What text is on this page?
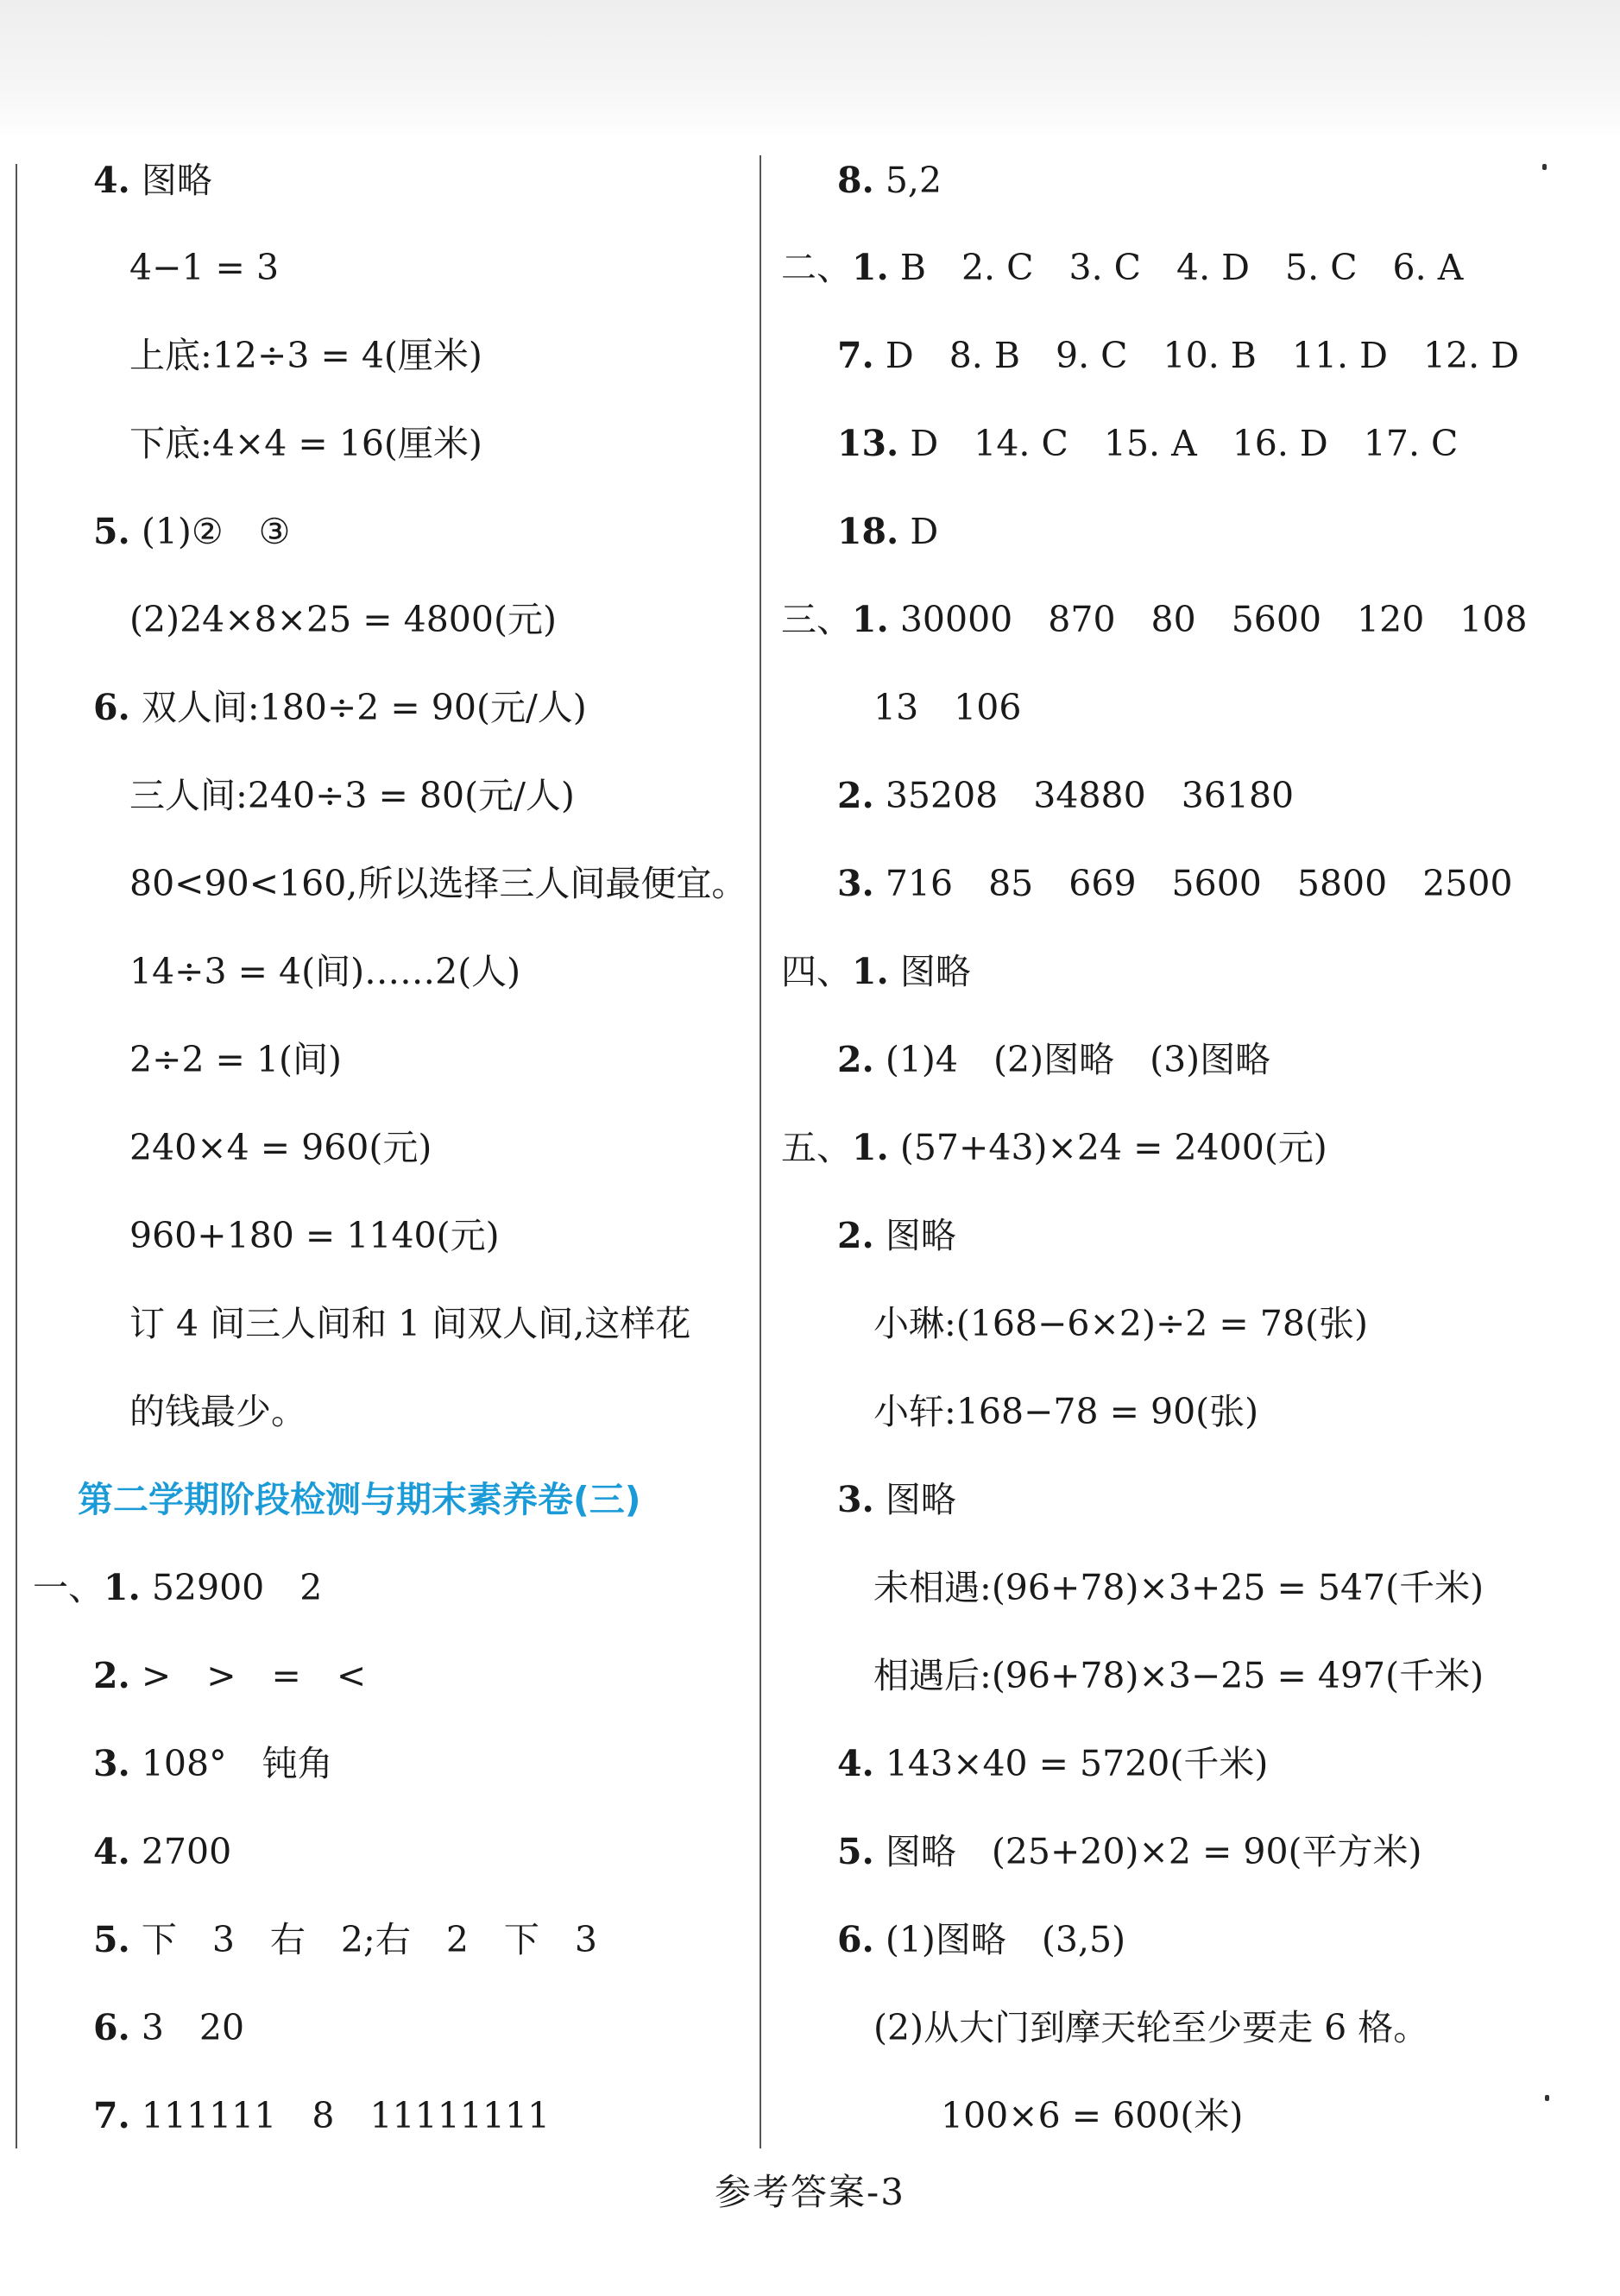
4. 图略
4−1 = 3
上底:12÷3 = 4(厘米)
下底:4×4 = 16(厘米)
5. (1)②　③
(2)24×8×25 = 4800(元)
6. 双人间:180÷2 = 90(元/人)
三人间:240÷3 = 80(元/人)
80<90<160,所以选择三人间最便宜。
14÷3 = 4(间)……2(人)
2÷2 = 1(间)
240×4 = 960(元)
960+180 = 1140(元)
订 4 间三人间和 1 间双人间,这样花
的钱最少。
第二学期阶段检测与期末素养卷(三)
一、1. 52900　2
2. >　>　=　<
3. 108°　钝角
4. 2700
5. 下　3　右　2;右　2　下　3
6. 3　20
7. 111111　8　11111111
8. 5,2
二、1. B　2. C　3. C　4. D　5. C　6. A
7. D　8. B　9. C　10. B　11. D　12. D
13. D　14. C　15. A　16. D　17. C
18. D
三、1. 30000　870　80　5600　120　108
13　106
2. 35208　34880　36180
3. 716　85　669　5600　5800　2500
四、1. 图略
2. (1)4　(2)图略　(3)图略
五、1. (57+43)×24 = 2400(元)
2. 图略
小琳:(168−6×2)÷2 = 78(张)
小轩:168−78 = 90(张)
3. 图略
未相遇:(96+78)×3+25 = 547(千米)
相遇后:(96+78)×3−25 = 497(千米)
4. 143×40 = 5720(千米)
5. 图略　(25+20)×2 = 90(平方米)
6. (1)图略　(3,5)
(2)从大门到摩天轮至少要走 6 格。
100×6 = 600(米)
参考答案-3
